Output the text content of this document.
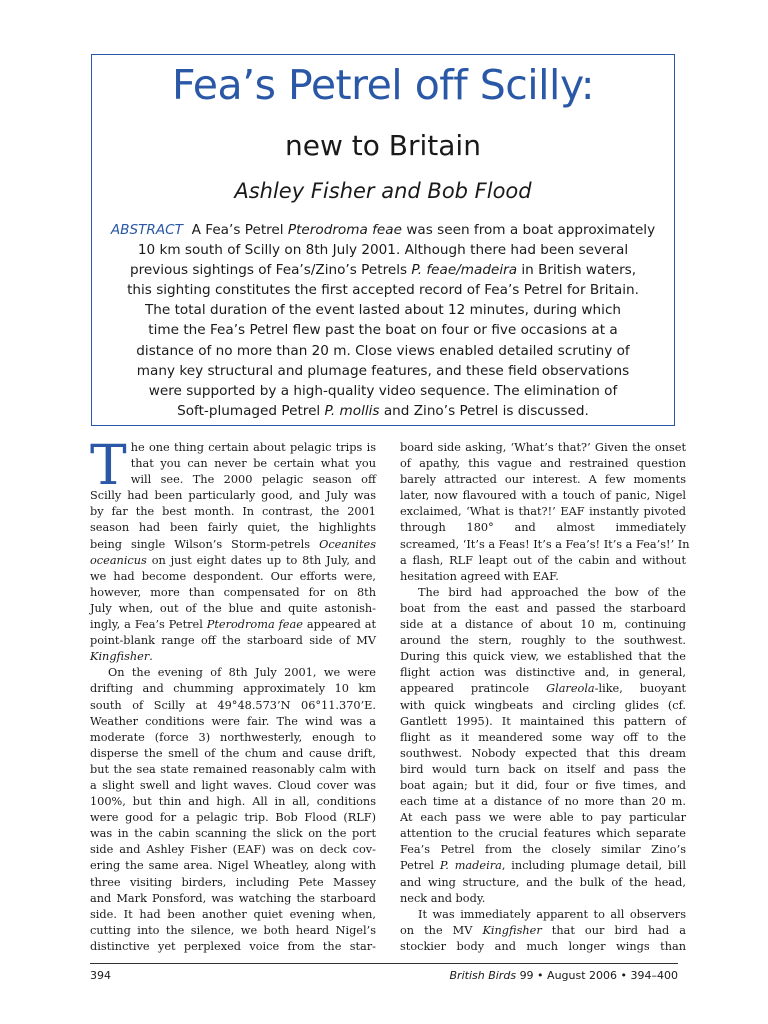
Fea’s Petrel off Scilly:
new to Britain
Ashley Fisher and Bob Flood
ABSTRACT A Fea’s Petrel Pterodroma feae was seen from a boat approximately
10 km south of Scilly on 8th July 2001. Although there had been several
previous sightings of Fea’s/Zino’s Petrels P. feae/madeira in British waters,
this sighting constitutes the first accepted record of Fea’s Petrel for Britain.
The total duration of the event lasted about 12 minutes, during which
time the Fea’s Petrel flew past the boat on four or five occasions at a
distance of no more than 20 m. Close views enabled detailed scrutiny of
many key structural and plumage features, and these field observations
were supported by a high-quality video sequence. The elimination of
Soft-plumaged Petrel P. mollis and Zino’s Petrel is discussed.
T he one thing certain about pelagic trips is
that you can never be certain what you
will see. The 2000 pelagic season off
Scilly had been particularly good, and July was
by far the best month. In contrast, the 2001
season had been fairly quiet, the highlights
being single Wilson’s Storm-petrels Oceanites
oceanicus on just eight dates up to 8th July, and
we had become despondent. Our efforts were,
however, more than compensated for on 8th
July when, out of the blue and quite astonish-
ingly, a Fea’s Petrel Pterodroma feae appeared at
point-blank range off the starboard side of MV
Kingfisher.
On the evening of 8th July 2001, we were
drifting and chumming approximately 10 km
south of Scilly at 49°48.573’N 06°11.370’E.
Weather conditions were fair. The wind was a
moderate (force 3) northwesterly, enough to
disperse the smell of the chum and cause drift,
but the sea state remained reasonably calm with
a slight swell and light waves. Cloud cover was
100%, but thin and high. All in all, conditions
were good for a pelagic trip. Bob Flood (RLF)
was in the cabin scanning the slick on the port
side and Ashley Fisher (EAF) was on deck cov-
ering the same area. Nigel Wheatley, along with
three visiting birders, including Pete Massey
and Mark Ponsford, was watching the starboard
side. It had been another quiet evening when,
cutting into the silence, we both heard Nigel’s
distinctive yet perplexed voice from the star-
board side asking, ‘What’s that?’ Given the onset
of apathy, this vague and restrained question
barely attracted our interest. A few moments
later, now flavoured with a touch of panic, Nigel
exclaimed, ‘What is that?!’ EAF instantly pivoted
through 180° and almost immediately
screamed, ‘It’s a Feas! It’s a Fea’s! It’s a Fea’s!’ In
a flash, RLF leapt out of the cabin and without
hesitation agreed with EAF.
The bird had approached the bow of the
boat from the east and passed the starboard
side at a distance of about 10 m, continuing
around the stern, roughly to the southwest.
During this quick view, we established that the
flight action was distinctive and, in general,
appeared pratincole Glareola-like, buoyant
with quick wingbeats and circling glides (cf.
Gantlett 1995). It maintained this pattern of
flight as it meandered some way off to the
southwest. Nobody expected that this dream
bird would turn back on itself and pass the
boat again; but it did, four or five times, and
each time at a distance of no more than 20 m.
At each pass we were able to pay particular
attention to the crucial features which separate
Fea’s Petrel from the closely similar Zino’s
Petrel P. madeira, including plumage detail, bill
and wing structure, and the bulk of the head,
neck and body.
It was immediately apparent to all observers
on the MV Kingfisher that our bird had a
stockier body and much longer wings than
394	British Birds 99 • August 2006 • 394–400
